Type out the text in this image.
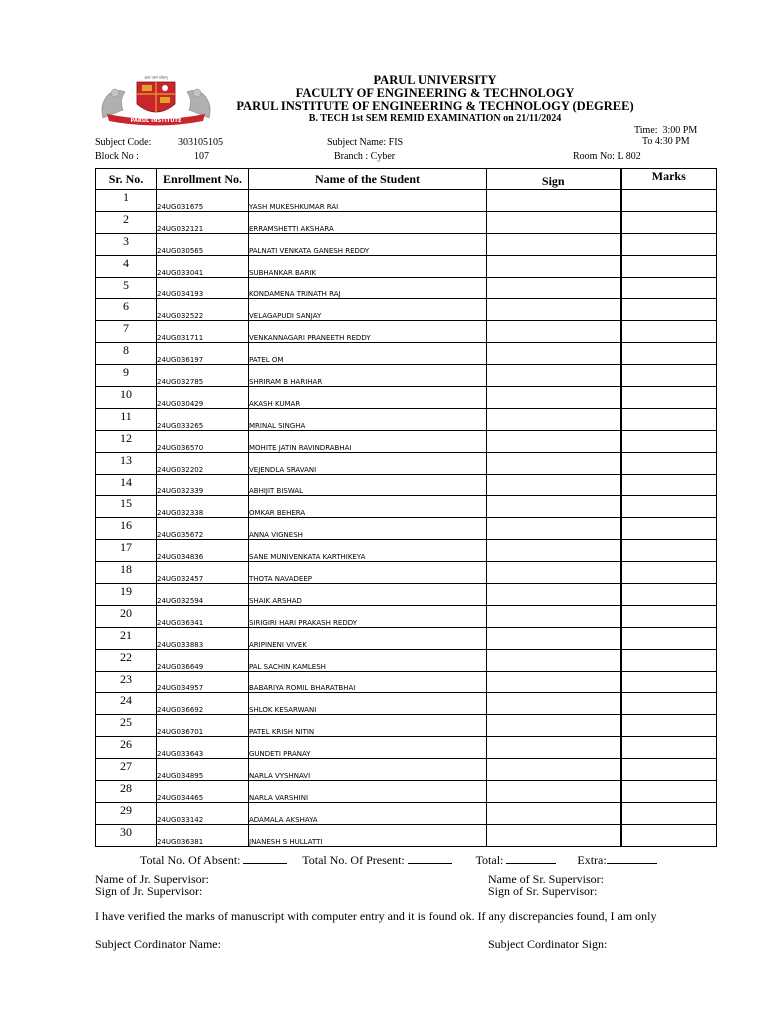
ज्ञानं परमं ध्येयम्
PARUL INSTITUTE
PARUL UNIVERSITY
FACULTY OF ENGINEERING & TECHNOLOGY
PARUL INSTITUTE OF ENGINEERING & TECHNOLOGY (DEGREE)
B. TECH 1st SEM REMID EXAMINATION on 21/11/2024
Time: 3:00 PM
To 4:30 PM
Subject Code:	303105105	Subject Name: FIS
Block No :	107	Branch : Cyber	Room No: L 802
Sr. No.	Enrollment No.	Name of the Student	Sign	Marks
1	24UG031675	YASH MUKESHKUMAR RAI		
2	24UG032121	ERRAMSHETTI AKSHARA		
3	24UG030565	PALNATI VENKATA GANESH REDDY		
4	24UG033041	SUBHANKAR BARIK		
5	24UG034193	KONDAMENA TRINATH RAJ		
6	24UG032522	VELAGAPUDI SANJAY		
7	24UG031711	VENKANNAGARI PRANEETH REDDY		
8	24UG036197	PATEL OM		
9	24UG032785	SHRIRAM B HARIHAR		
10	24UG030429	AKASH KUMAR		
11	24UG033265	MRINAL SINGHA		
12	24UG036570	MOHITE JATIN RAVINDRABHAI		
13	24UG032202	VEJENDLA SRAVANI		
14	24UG032339	ABHIJIT BISWAL		
15	24UG032338	OMKAR BEHERA		
16	24UG035672	ANNA VIGNESH		
17	24UG034836	SANE MUNIVENKATA KARTHIKEYA		
18	24UG032457	THOTA NAVADEEP		
19	24UG032594	SHAIK ARSHAD		
20	24UG036341	SIRIGIRI HARI PRAKASH REDDY		
21	24UG033883	ARIPINENI VIVEK		
22	24UG036649	PAL SACHIN KAMLESH		
23	24UG034957	BABARIYA ROMIL BHARATBHAI		
24	24UG036692	SHLOK KESARWANI		
25	24UG036701	PATEL KRISH NITIN		
26	24UG033643	GUNDETI PRANAY		
27	24UG034895	NARLA VYSHNAVI		
28	24UG034465	NARLA VARSHINI		
29	24UG033142	ADAMALA AKSHAYA		
30	24UG036381	JNANESH S HULLATTI		
Total No. Of Absent:	Total No. Of Present:	Total:	Extra:
Name of Jr. Supervisor:
Sign of Jr. Supervisor:
Name of Sr. Supervisor:
Sign of Sr. Supervisor:
I have verified the marks of manuscript with computer entry and it is found ok. If any discrepancies found, I am only
Subject Cordinator Name:	Subject Cordinator Sign:
